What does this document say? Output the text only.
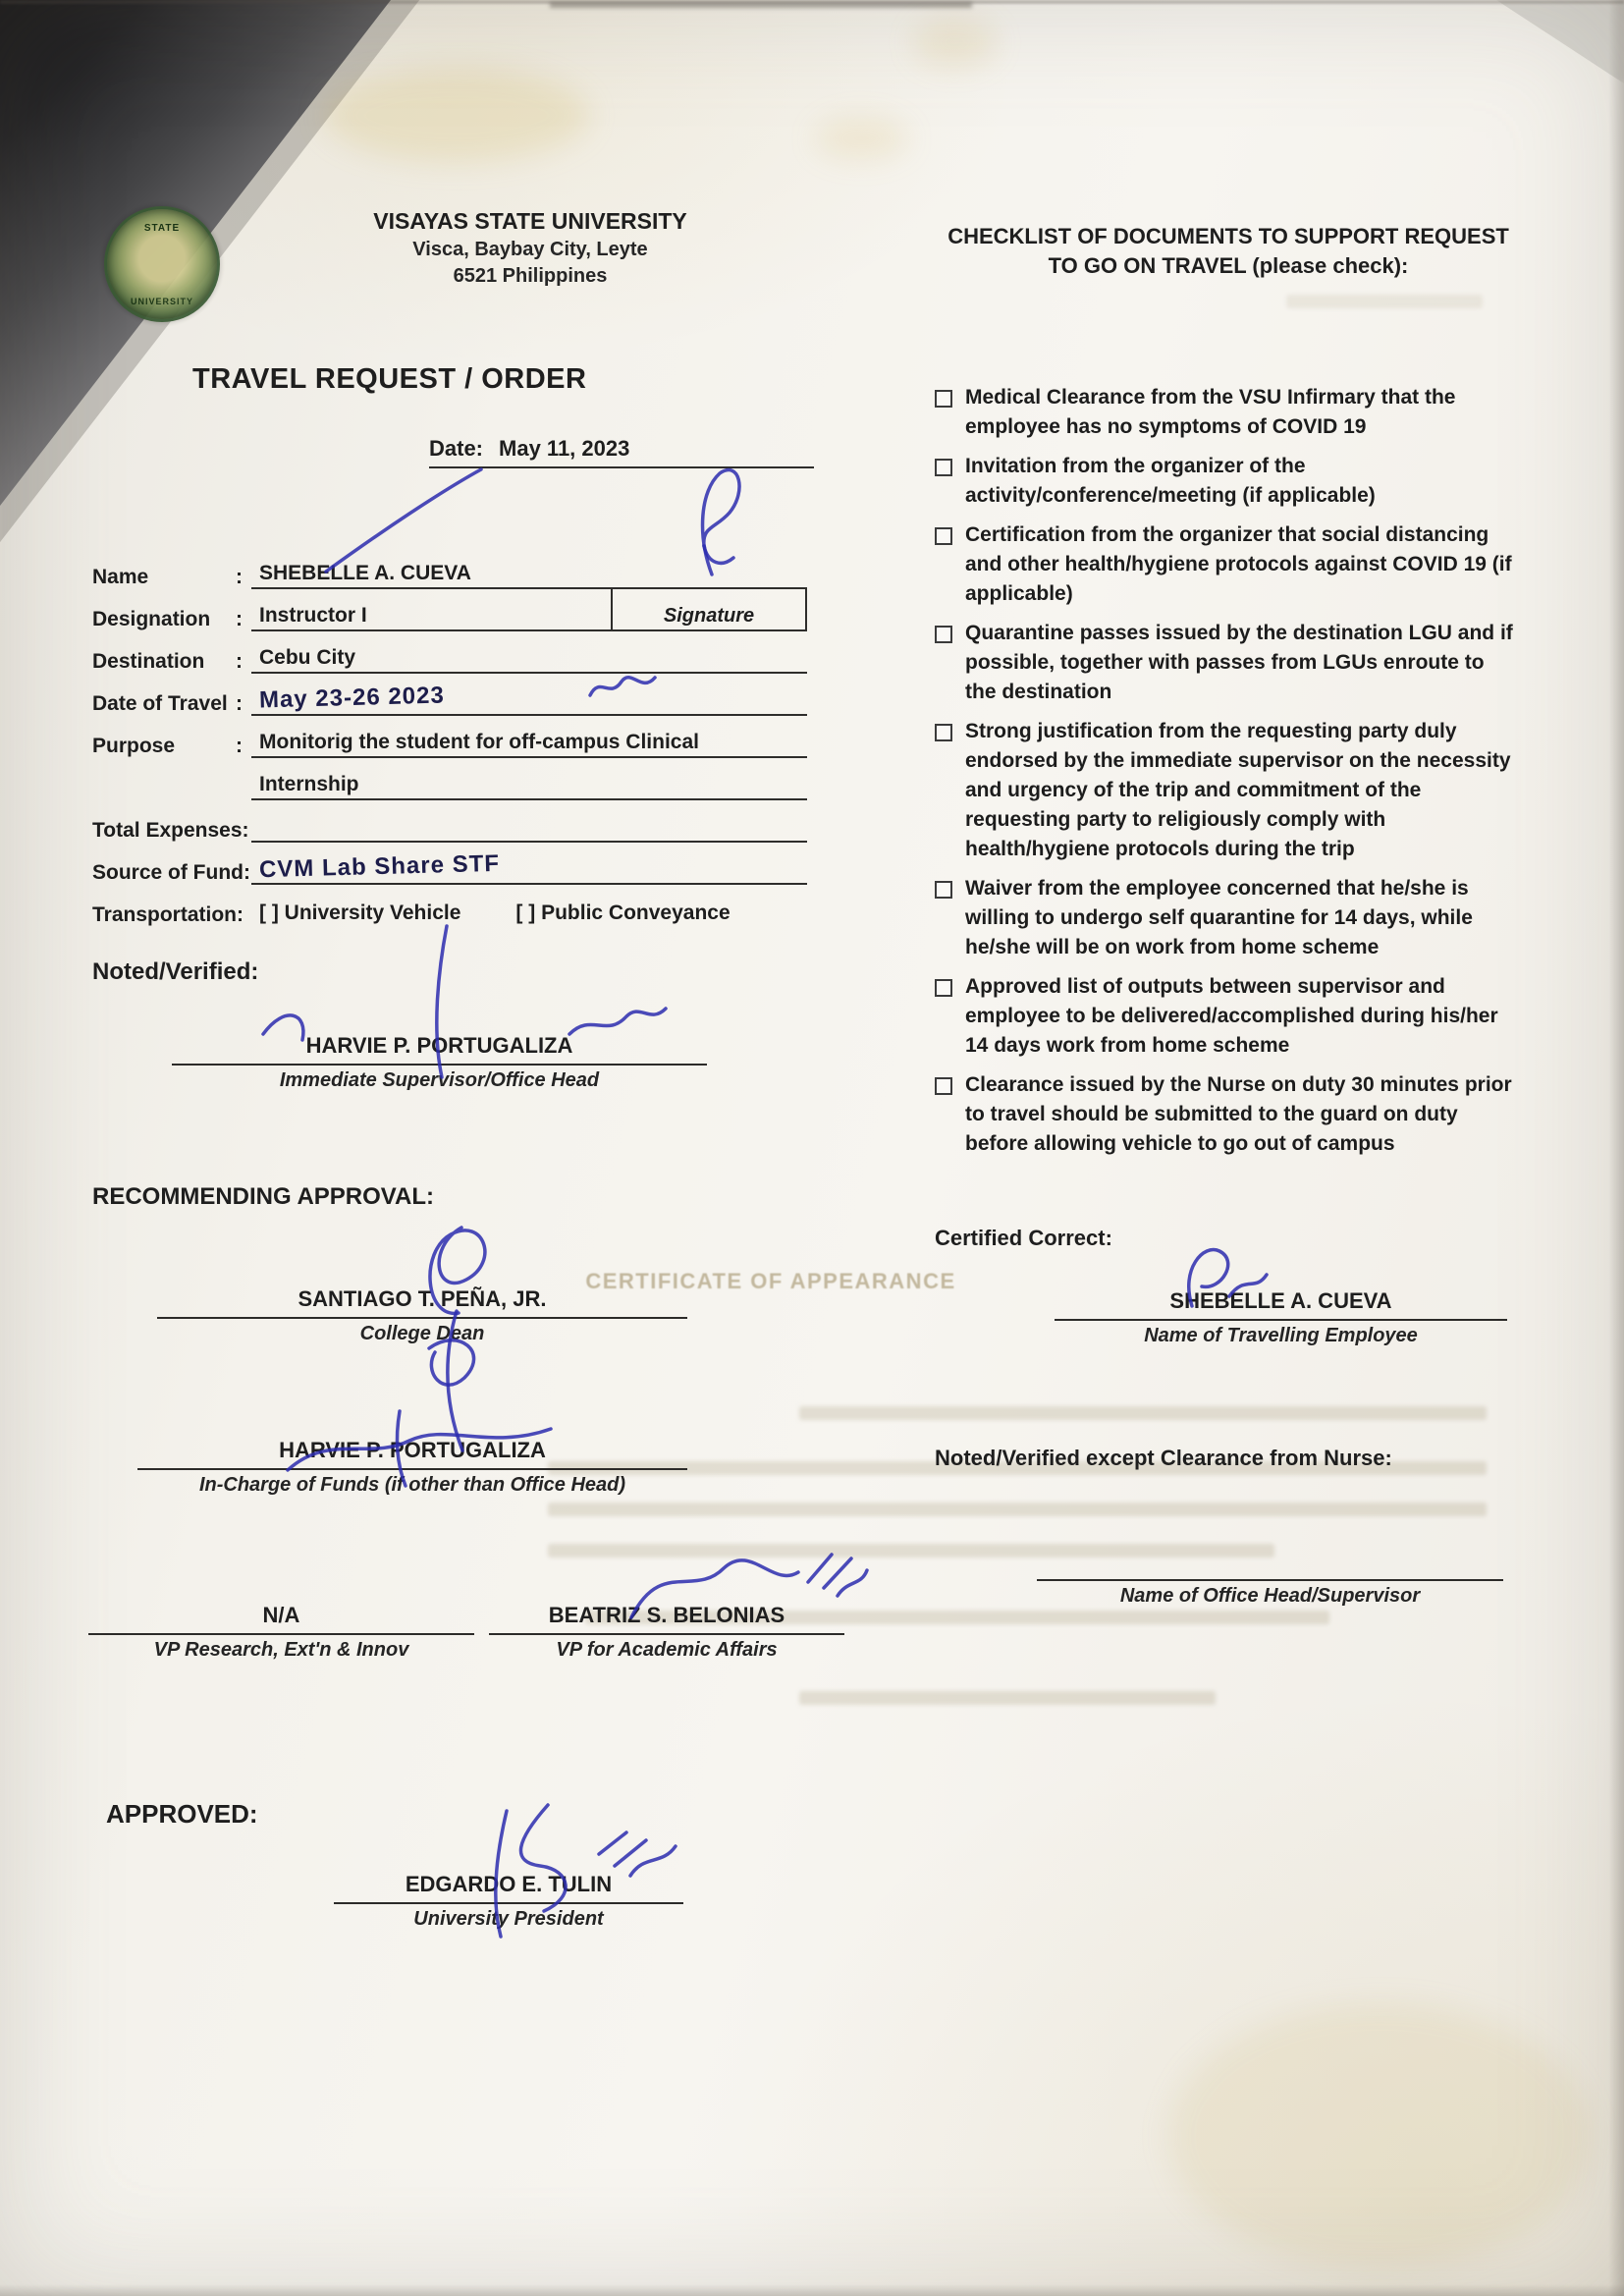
CERTIFICATE OF APPEARANCE
STATE
UNIVERSITY
VISAYAS STATE UNIVERSITY
Visca, Baybay City, Leyte
6521 Philippines
TRAVEL REQUEST / ORDER
Date: May 11, 2023
Name	: SHEBELLE A. CUEVA
Designation	: Instructor I	Signature
Destination	: Cebu City
Date of Travel : May 23-26 2023
Purpose	: Monitorig the student for off-campus Clinical
Internship
Total Expenses:
Source of Fund: CVM Lab Share STF
Transportation: [ ] University Vehicle	[ ] Public Conveyance
Noted/Verified:
HARVIE P. PORTUGALIZA
Immediate Supervisor/Office Head
RECOMMENDING APPROVAL:
SANTIAGO T. PEÑA, JR.
College Dean
HARVIE P. PORTUGALIZA
In-Charge of Funds (if other than Office Head)
N/A
VP Research, Ext'n & Innov
BEATRIZ S. BELONIAS
VP for Academic Affairs
APPROVED:
EDGARDO E. TULIN
University President
CHECKLIST OF DOCUMENTS TO SUPPORT REQUEST
TO GO ON TRAVEL (please check):
Medical Clearance from the VSU Infirmary that the employee has no symptoms of COVID 19
Invitation from the organizer of the activity/conference/meeting (if applicable)
Certification from the organizer that social distancing and other health/hygiene protocols against COVID 19 (if applicable)
Quarantine passes issued by the destination LGU and if possible, together with passes from LGUs enroute to the destination
Strong justification from the requesting party duly endorsed by the immediate supervisor on the necessity and urgency of the trip and commitment of the requesting party to religiously comply with health/hygiene protocols during the trip
Waiver from the employee concerned that he/she is willing to undergo self quarantine for 14 days, while he/she will be on work from home scheme
Approved list of outputs between supervisor and employee to be delivered/accomplished during his/her 14 days work from home scheme
Clearance issued by the Nurse on duty 30 minutes prior to travel should be submitted to the guard on duty before allowing vehicle to go out of campus
Certified Correct:
SHEBELLE A. CUEVA
Name of Travelling Employee
Noted/Verified except Clearance from Nurse:
Name of Office Head/Supervisor
